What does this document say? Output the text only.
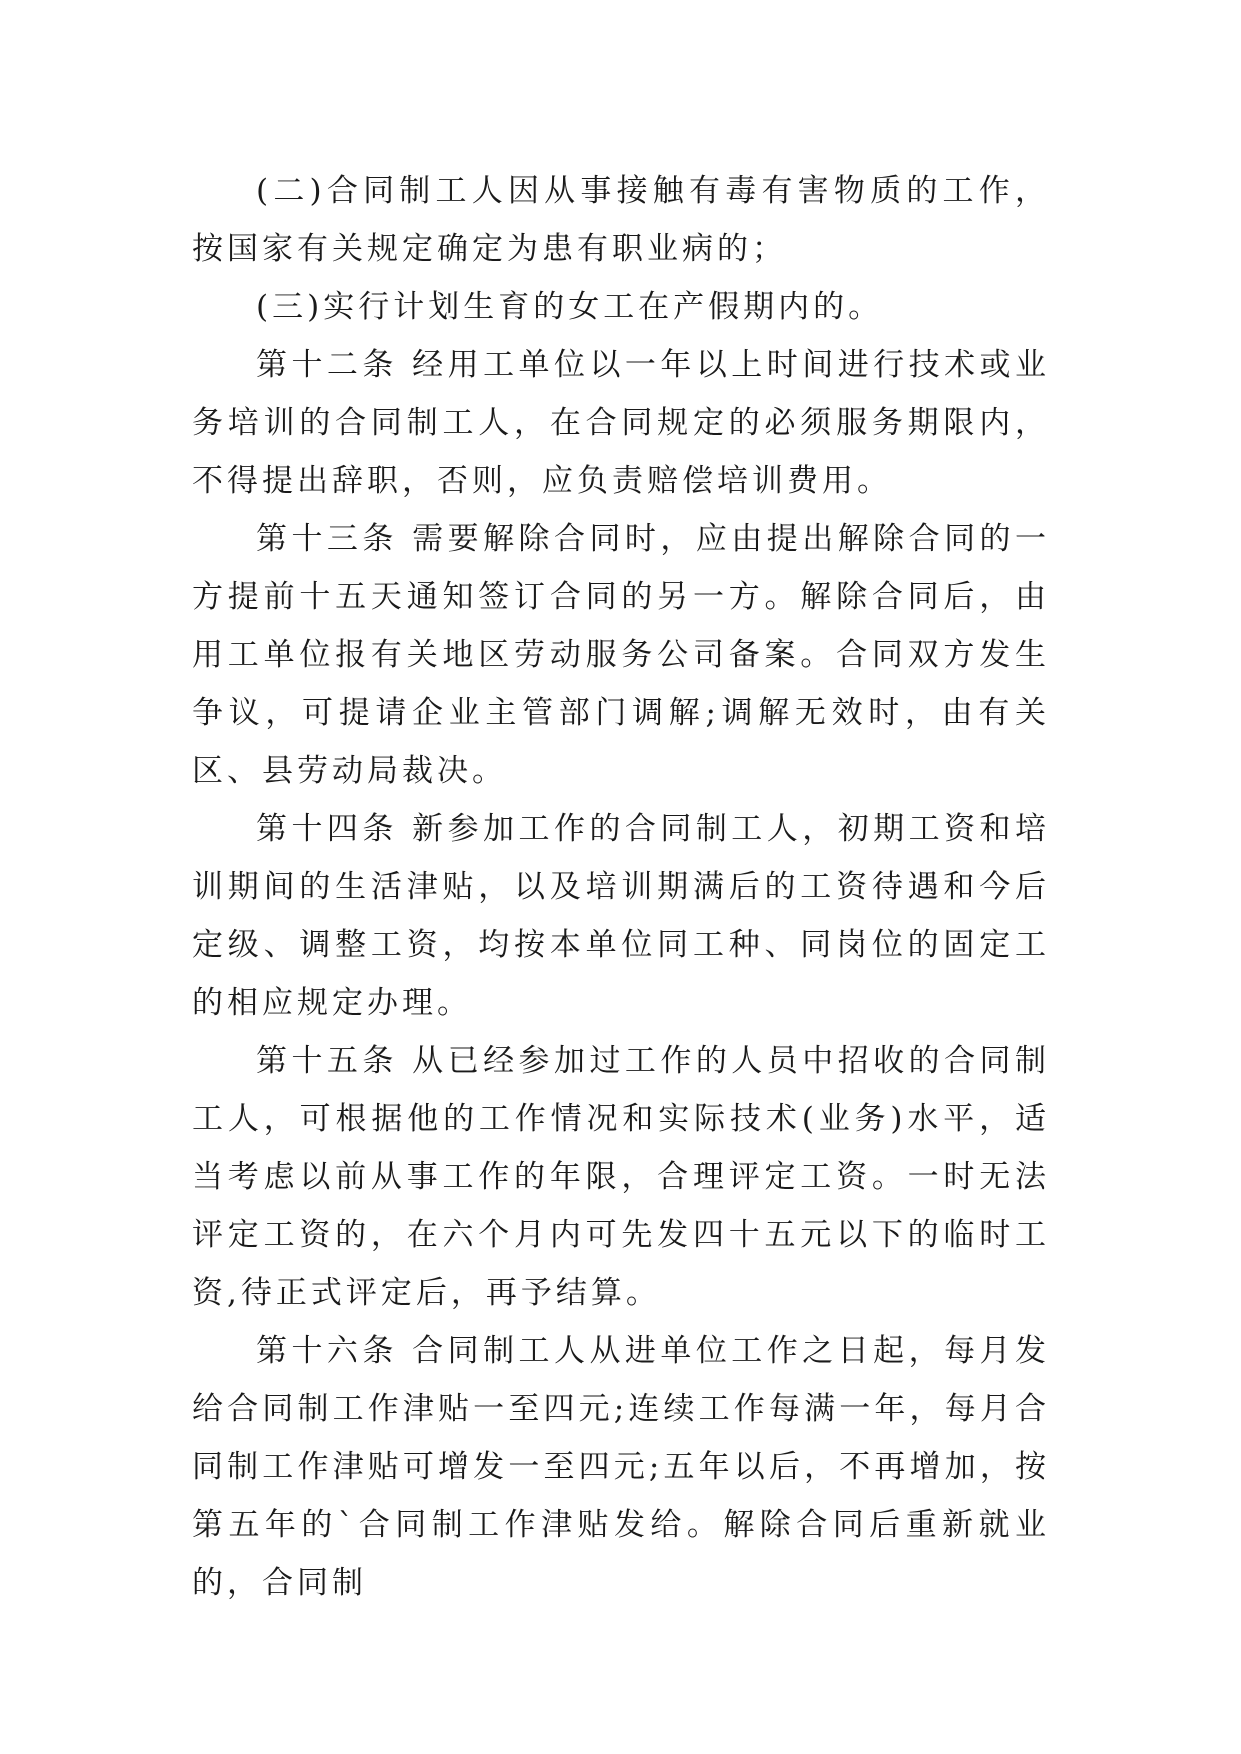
(二)合同制工人因从事接触有毒有害物质的工作，按国家有关规定确定为患有职业病的；

(三)实行计划生育的女工在产假期内的。

第十二条 经用工单位以一年以上时间进行技术或业务培训的合同制工人，在合同规定的必须服务期限内，不得提出辞职，否则，应负责赔偿培训费用。

第十三条 需要解除合同时，应由提出解除合同的一方提前十五天通知签订合同的另一方。解除合同后，由用工单位报有关地区劳动服务公司备案。合同双方发生争议，可提请企业主管部门调解;调解无效时，由有关区、县劳动局裁决。

第十四条 新参加工作的合同制工人，初期工资和培训期间的生活津贴，以及培训期满后的工资待遇和今后定级、调整工资，均按本单位同工种、同岗位的固定工的相应规定办理。

第十五条 从已经参加过工作的人员中招收的合同制工人，可根据他的工作情况和实际技术(业务)水平，适当考虑以前从事工作的年限，合理评定工资。一时无法评定工资的，在六个月内可先发四十五元以下的临时工资,待正式评定后，再予结算。

第十六条 合同制工人从进单位工作之日起，每月发给合同制工作津贴一至四元;连续工作每满一年，每月合同制工作津贴可增发一至四元;五年以后，不再增加，按第五年的`合同制工作津贴发给。解除合同后重新就业的，合同制
